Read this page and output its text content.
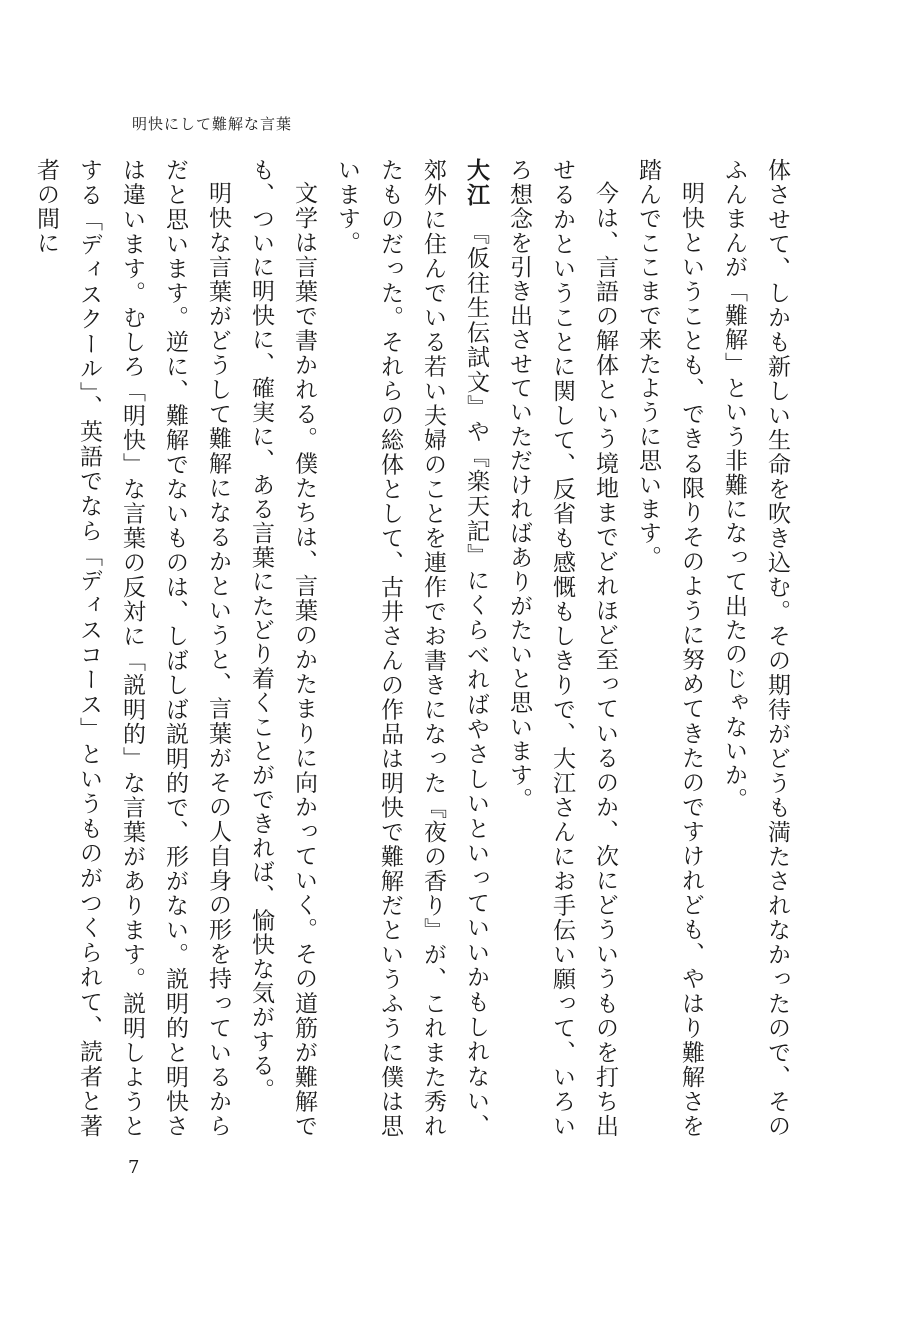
明快にして難解な言葉

体させて、しかも新しい生命を吹き込む。その期待がどうも満たされなかったので、そのふんまんが「難解」という非難になって出たのじゃないか。

明快ということも、できる限りそのように努めてきたのですけれども、やはり難解さを踏んでここまで来たように思います。

今は、言語の解体という境地までどれほど至っているのか、次にどういうものを打ち出せるかということに関して、反省も感慨もしきりで、大江さんにお手伝い願って、いろいろ想念を引き出させていただければありがたいと思います。

大江　『仮往生伝試文』や『楽天記』にくらべればやさしいといっていいかもしれない、郊外に住んでいる若い夫婦のことを連作でお書きになった『夜の香り』が、これまた秀れたものだった。それらの総体として、古井さんの作品は明快で難解だというふうに僕は思います。

文学は言葉で書かれる。僕たちは、言葉のかたまりに向かっていく。その道筋が難解でも、ついに明快に、確実に、ある言葉にたどり着くことができれば、愉快な気がする。

明快な言葉がどうして難解になるかというと、言葉がその人自身の形を持っているからだと思います。逆に、難解でないものは、しばしば説明的で、形がない。説明的と明快さは違います。むしろ「明快」な言葉の反対に「説明的」な言葉があります。説明しようとする「ディスクール」、英語でなら「ディスコース」というものがつくられて、読者と著者の間に

7
